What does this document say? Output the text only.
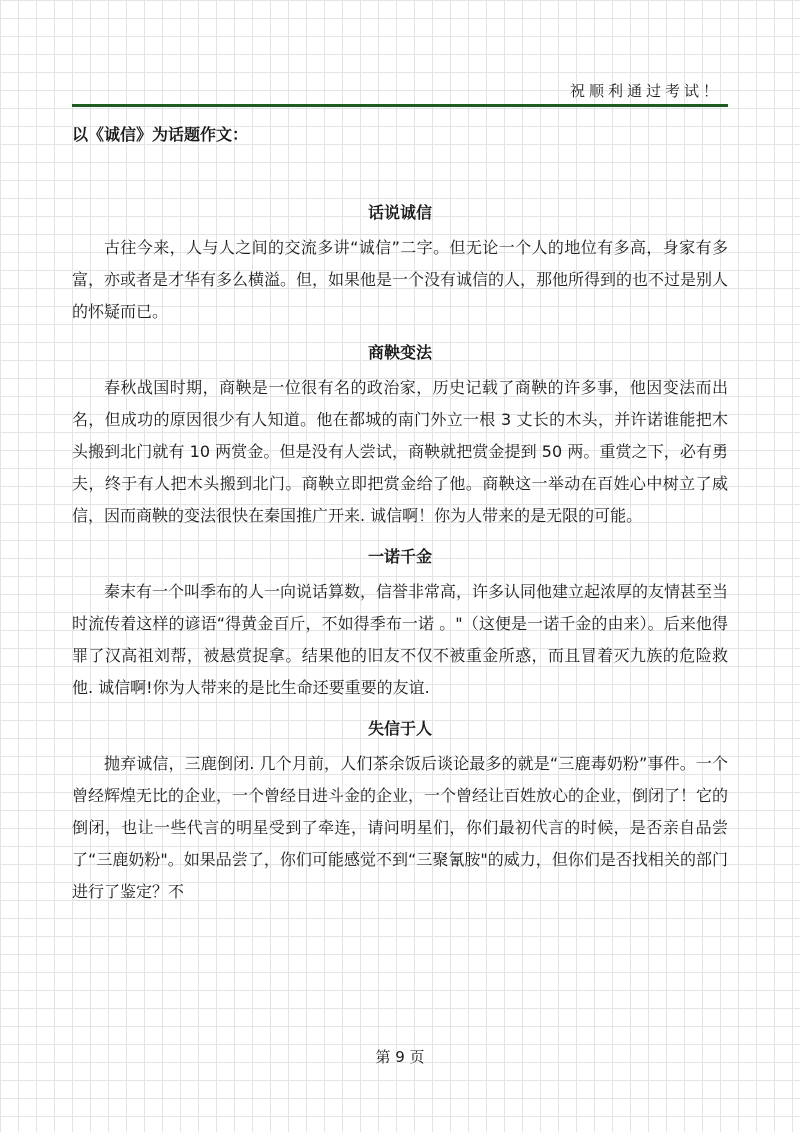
祝顺利通过考试！
以《诚信》为话题作文：
话说诚信

古往今来，人与人之间的交流多讲“诚信”二字。但无论一个人的地位有多高，身家有多富，亦或者是才华有多么横溢。但，如果他是一个没有诚信的人，那他所得到的也不过是别人的怀疑而已。

商鞅变法

春秋战国时期，商鞅是一位很有名的政治家，历史记载了商鞅的许多事，他因变法而出名，但成功的原因很少有人知道。他在都城的南门外立一根 3 丈长的木头，并许诺谁能把木头搬到北门就有 10 两赏金。但是没有人尝试，商鞅就把赏金提到 50 两。重赏之下，必有勇夫，终于有人把木头搬到北门。商鞅立即把赏金给了他。商鞅这一举动在百姓心中树立了威信，因而商鞅的变法很快在秦国推广开来. 诚信啊！你为人带来的是无限的可能。

一诺千金

秦末有一个叫季布的人一向说话算数，信誉非常高，许多认同他建立起浓厚的友情甚至当时流传着这样的谚语“得黄金百斤，不如得季布一诺 。"（这便是一诺千金的由来）。后来他得罪了汉高祖刘帮，被悬赏捉拿。结果他的旧友不仅不被重金所惑，而且冒着灭九族的危险救他. 诚信啊!你为人带来的是比生命还要重要的友谊.

失信于人

抛弃诚信，三鹿倒闭. 几个月前，人们茶余饭后谈论最多的就是“三鹿毒奶粉”事件。一个曾经辉煌无比的企业，一个曾经日进斗金的企业，一个曾经让百姓放心的企业，倒闭了！它的倒闭，也让一些代言的明星受到了牵连，请问明星们，你们最初代言的时候，是否亲自品尝了“三鹿奶粉"。如果品尝了，你们可能感觉不到“三聚氰胺"的威力，但你们是否找相关的部门进行了鉴定？不

第 9 页
